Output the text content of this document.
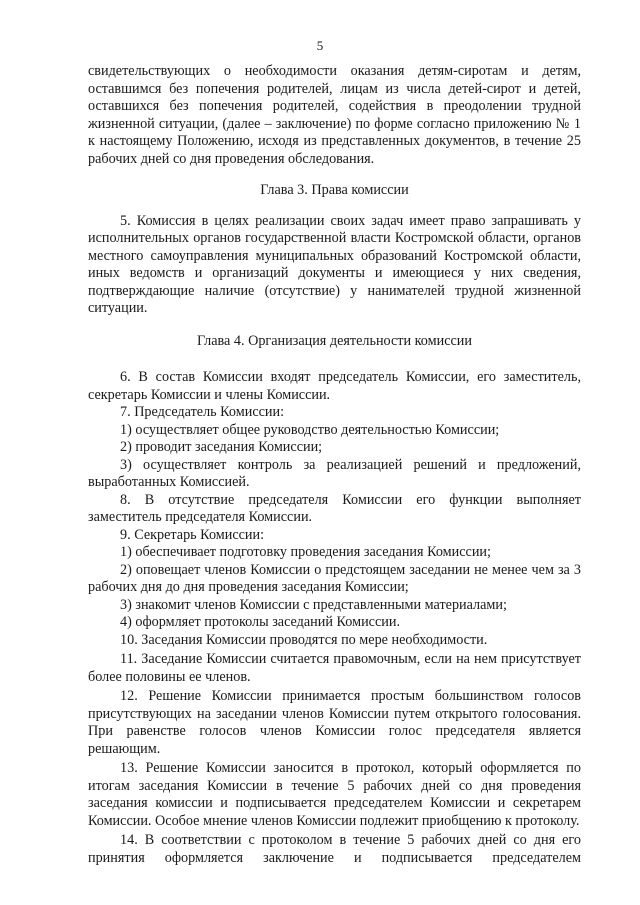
5

свидетельствующих о необходимости оказания детям-сиротам и детям, оставшимся без попечения родителей, лицам из числа детей-сирот и детей, оставшихся без попечения родителей, содействия в преодолении трудной жизненной ситуации, (далее – заключение) по форме согласно приложению № 1 к настоящему Положению, исходя из представленных документов, в течение 25 рабочих дней со дня проведения обследования.

Глава 3. Права комиссии

5. Комиссия в целях реализации своих задач имеет право запрашивать у исполнительных органов государственной власти Костромской области, органов местного самоуправления муниципальных образований Костромской области, иных ведомств и организаций документы и имеющиеся у них сведения, подтверждающие наличие (отсутствие) у нанимателей трудной жизненной ситуации.

Глава 4. Организация деятельности комиссии

6. В состав Комиссии входят председатель Комиссии, его заместитель, секретарь Комиссии и члены Комиссии.

7. Председатель Комиссии:

1) осуществляет общее руководство деятельностью Комиссии;

2) проводит заседания Комиссии;

3) осуществляет контроль за реализацией решений и предложений, выработанных Комиссией.

8. В отсутствие председателя Комиссии его функции выполняет заместитель председателя Комиссии.

9. Секретарь Комиссии:

1) обеспечивает подготовку проведения заседания Комиссии;

2) оповещает членов Комиссии о предстоящем заседании не менее чем за 3 рабочих дня до дня проведения заседания Комиссии;

3) знакомит членов Комиссии с представленными материалами;

4) оформляет протоколы заседаний Комиссии.

10. Заседания Комиссии проводятся по мере необходимости.

11. Заседание Комиссии считается правомочным, если на нем присутствует более половины ее членов.

12. Решение Комиссии принимается простым большинством голосов присутствующих на заседании членов Комиссии путем открытого голосования. При равенстве голосов членов Комиссии голос председателя является решающим.

13. Решение Комиссии заносится в протокол, который оформляется по итогам заседания Комиссии в течение 5 рабочих дней со дня проведения заседания комиссии и подписывается председателем Комиссии и секретарем Комиссии. Особое мнение членов Комиссии подлежит приобщению к протоколу.

14. В соответствии с протоколом в течение 5 рабочих дней со дня его принятия оформляется заключение и подписывается председателем
